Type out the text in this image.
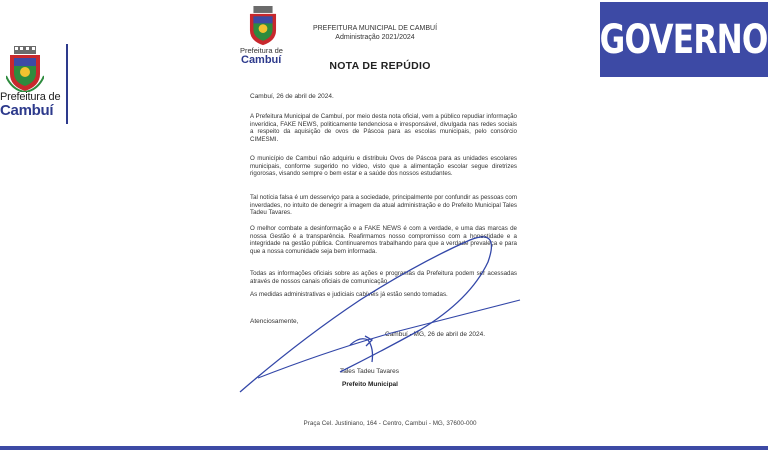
Prefeitura de
Cambuí
GOVERNO
Prefeitura de
Cambuí
PREFEITURA MUNICIPAL DE CAMBUÍ
Administração 2021/2024
NOTA DE REPÚDIO
Cambuí, 26 de abril de 2024.
A Prefeitura Municipal de Cambuí, por meio desta nota oficial, vem a público repudiar informação inverídica, FAKE NEWS, politicamente tendenciosa e irresponsável, divulgada nas redes sociais a respeito da aquisição de ovos de Páscoa para as escolas municipais, pelo consórcio CIMESMI.
O município de Cambuí não adquiriu e distribuiu Ovos de Páscoa para as unidades escolares municipais, conforme sugerido no vídeo, visto que a alimentação escolar segue diretrizes rigorosas, visando sempre o bem estar e a saúde dos nossos estudantes.
Tal notícia falsa é um desserviço para a sociedade, principalmente por confundir as pessoas com inverdades, no intuito de denegrir a imagem da atual administração e do Prefeito Municipal Tales Tadeu Tavares.
O melhor combate a desinformação e a FAKE NEWS é com a verdade, e uma das marcas de nossa Gestão é a transparência. Reafirmamos nosso compromisso com a honestidade e a integridade na gestão pública. Continuaremos trabalhando para que a verdade prevaleça e para que a nossa comunidade seja bem informada.
Todas as informações oficiais sobre as ações e programas da Prefeitura podem ser acessadas através de nossos canais oficiais de comunicação.
As medidas administrativas e judiciais cabíveis já estão sendo tomadas.
Atenciosamente,
Cambuí - MG, 26 de abril de 2024.
Tales Tadeu Tavares
Prefeito Municipal
Praça Cel. Justiniano, 164 - Centro, Cambuí - MG, 37600-000
